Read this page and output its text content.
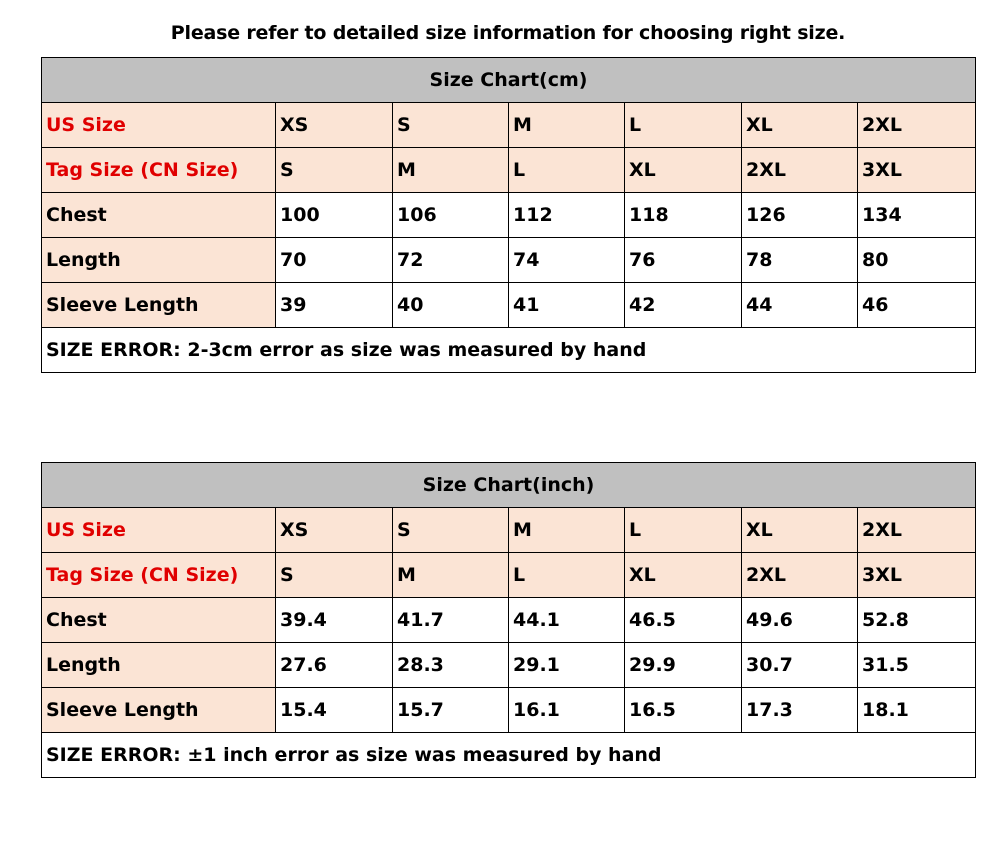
Please refer to detailed size information for choosing right size.
Size Chart(cm)						
US Size	XS	S	M	L	XL	2XL
Tag Size (CN Size)	S	M	L	XL	2XL	3XL
Chest	100	106	112	118	126	134
Length	70	72	74	76	78	80
Sleeve Length	39	40	41	42	44	46
SIZE ERROR: 2-3cm error as size was measured by hand						
Size Chart(inch)						
US Size	XS	S	M	L	XL	2XL
Tag Size (CN Size)	S	M	L	XL	2XL	3XL
Chest	39.4	41.7	44.1	46.5	49.6	52.8
Length	27.6	28.3	29.1	29.9	30.7	31.5
Sleeve Length	15.4	15.7	16.1	16.5	17.3	18.1
SIZE ERROR: ±1 inch error as size was measured by hand						
